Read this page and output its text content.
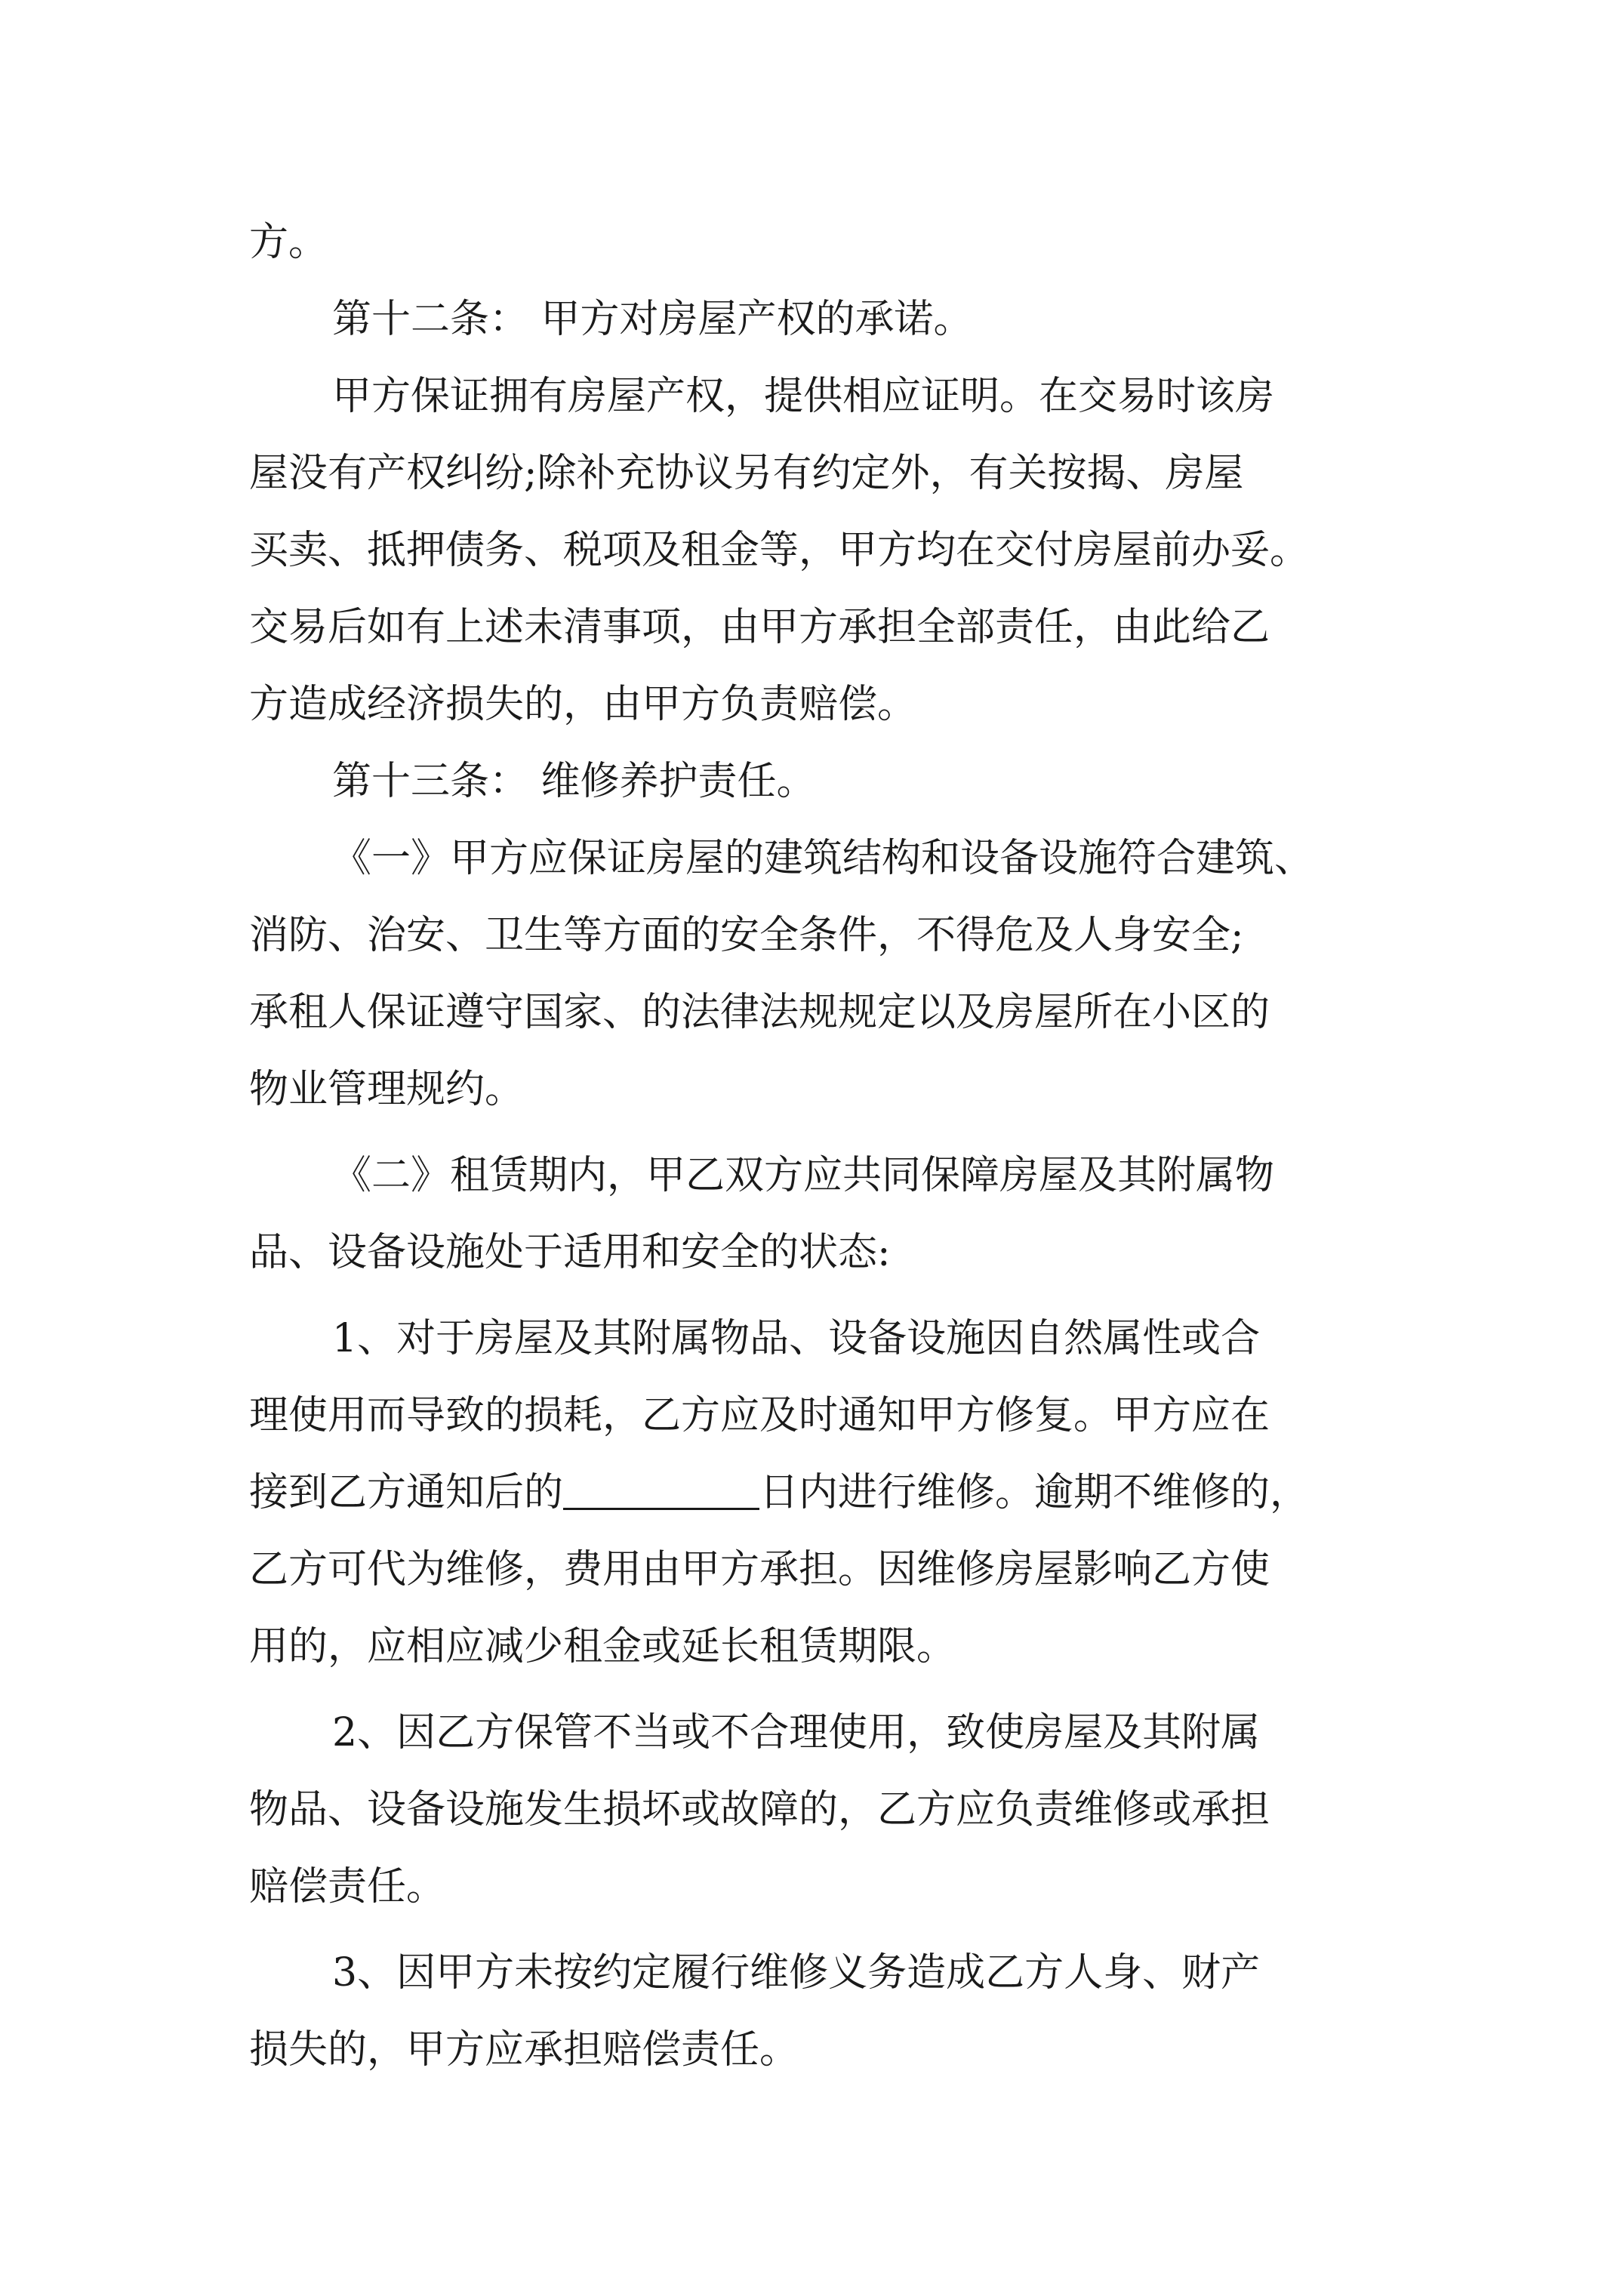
方。
第十二条： 甲方对房屋产权的承诺。
甲方保证拥有房屋产权，提供相应证明。在交易时该房
屋没有产权纠纷;除补充协议另有约定外，有关按揭、房屋
买卖、抵押债务、税项及租金等，甲方均在交付房屋前办妥。
交易后如有上述未清事项，由甲方承担全部责任，由此给乙
方造成经济损失的，由甲方负责赔偿。
第十三条： 维修养护责任。
《一》甲方应保证房屋的建筑结构和设备设施符合建筑、
消防、治安、卫生等方面的安全条件，不得危及人身安全;
承租人保证遵守国家、的法律法规规定以及房屋所在小区的
物业管理规约。
《二》租赁期内，甲乙双方应共同保障房屋及其附属物
品、设备设施处于适用和安全的状态:
1、对于房屋及其附属物品、设备设施因自然属性或合
理使用而导致的损耗，乙方应及时通知甲方修复。甲方应在
接到乙方通知后的	日内进行维修。逾期不维修的，
乙方可代为维修，费用由甲方承担。因维修房屋影响乙方使
用的，应相应减少租金或延长租赁期限。
2、因乙方保管不当或不合理使用，致使房屋及其附属
物品、设备设施发生损坏或故障的，乙方应负责维修或承担
赔偿责任。
3、因甲方未按约定履行维修义务造成乙方人身、财产
损失的，甲方应承担赔偿责任。
